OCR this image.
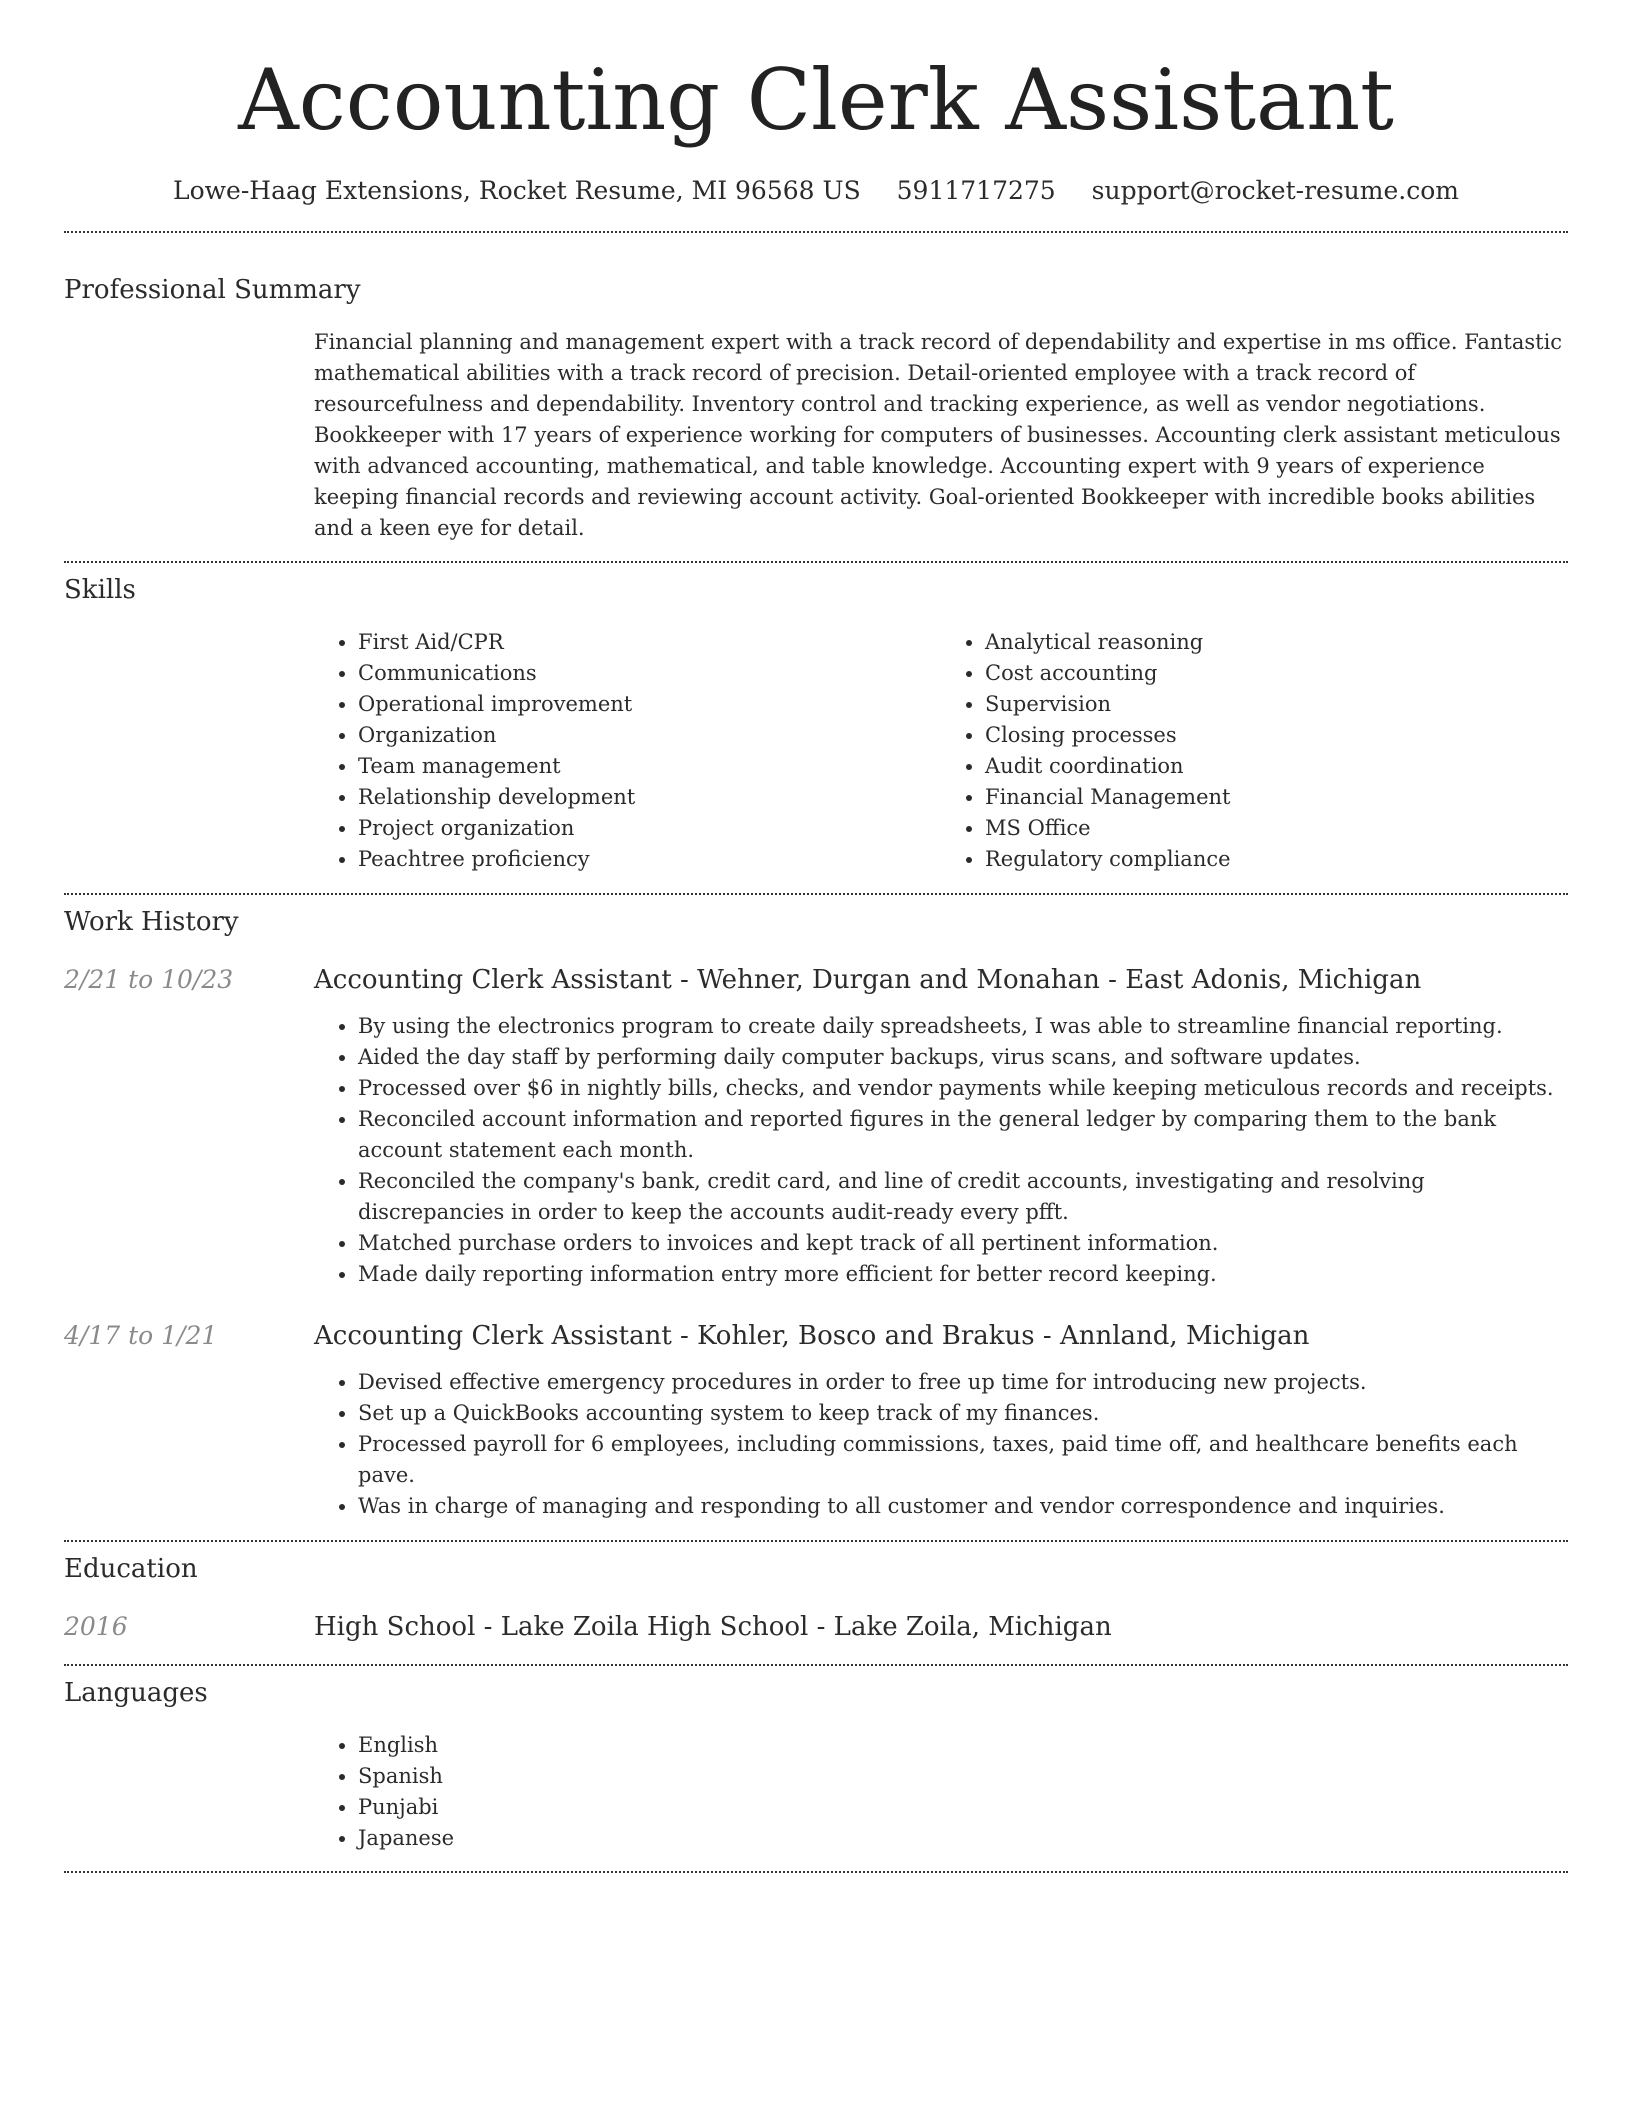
Accounting Clerk Assistant
Lowe-Haag Extensions, Rocket Resume, MI 96568 US 5911717275 support@rocket-resume.com
Professional Summary

Financial planning and management expert with a track record of dependability and expertise in ms office. Fantastic mathematical abilities with a track record of precision. Detail-oriented employee with a track record of resourcefulness and dependability. Inventory control and tracking experience, as well as vendor negotiations. Bookkeeper with 17 years of experience working for computers of businesses. Accounting clerk assistant meticulous with advanced accounting, mathematical, and table knowledge. Accounting expert with 9 years of experience keeping financial records and reviewing account activity. Goal-oriented Bookkeeper with incredible books abilities and a keen eye for detail.

Skills
• First Aid/CPR
• Communications
• Operational improvement
• Organization
• Team management
• Relationship development
• Project organization
• Peachtree proficiency
• Analytical reasoning
• Cost accounting
• Supervision
• Closing processes
• Audit coordination
• Financial Management
• MS Office
• Regulatory compliance
Work History
2/21 to 10/23	Accounting Clerk Assistant - Wehner, Durgan and Monahan - East Adonis, Michigan
• By using the electronics program to create daily spreadsheets, I was able to streamline financial reporting.
• Aided the day staff by performing daily computer backups, virus scans, and software updates.
• Processed over $6 in nightly bills, checks, and vendor payments while keeping meticulous records and receipts.
• Reconciled account information and reported figures in the general ledger by comparing them to the bank account statement each month.
• Reconciled the company's bank, credit card, and line of credit accounts, investigating and resolving discrepancies in order to keep the accounts audit-ready every pfft.
• Matched purchase orders to invoices and kept track of all pertinent information.
• Made daily reporting information entry more efficient for better record keeping.
4/17 to 1/21	Accounting Clerk Assistant - Kohler, Bosco and Brakus - Annland, Michigan
• Devised effective emergency procedures in order to free up time for introducing new projects.
• Set up a QuickBooks accounting system to keep track of my finances.
• Processed payroll for 6 employees, including commissions, taxes, paid time off, and healthcare benefits each pave.
• Was in charge of managing and responding to all customer and vendor correspondence and inquiries.
Education
2016	High School - Lake Zoila High School - Lake Zoila, Michigan
Languages
• English
• Spanish
• Punjabi
• Japanese
